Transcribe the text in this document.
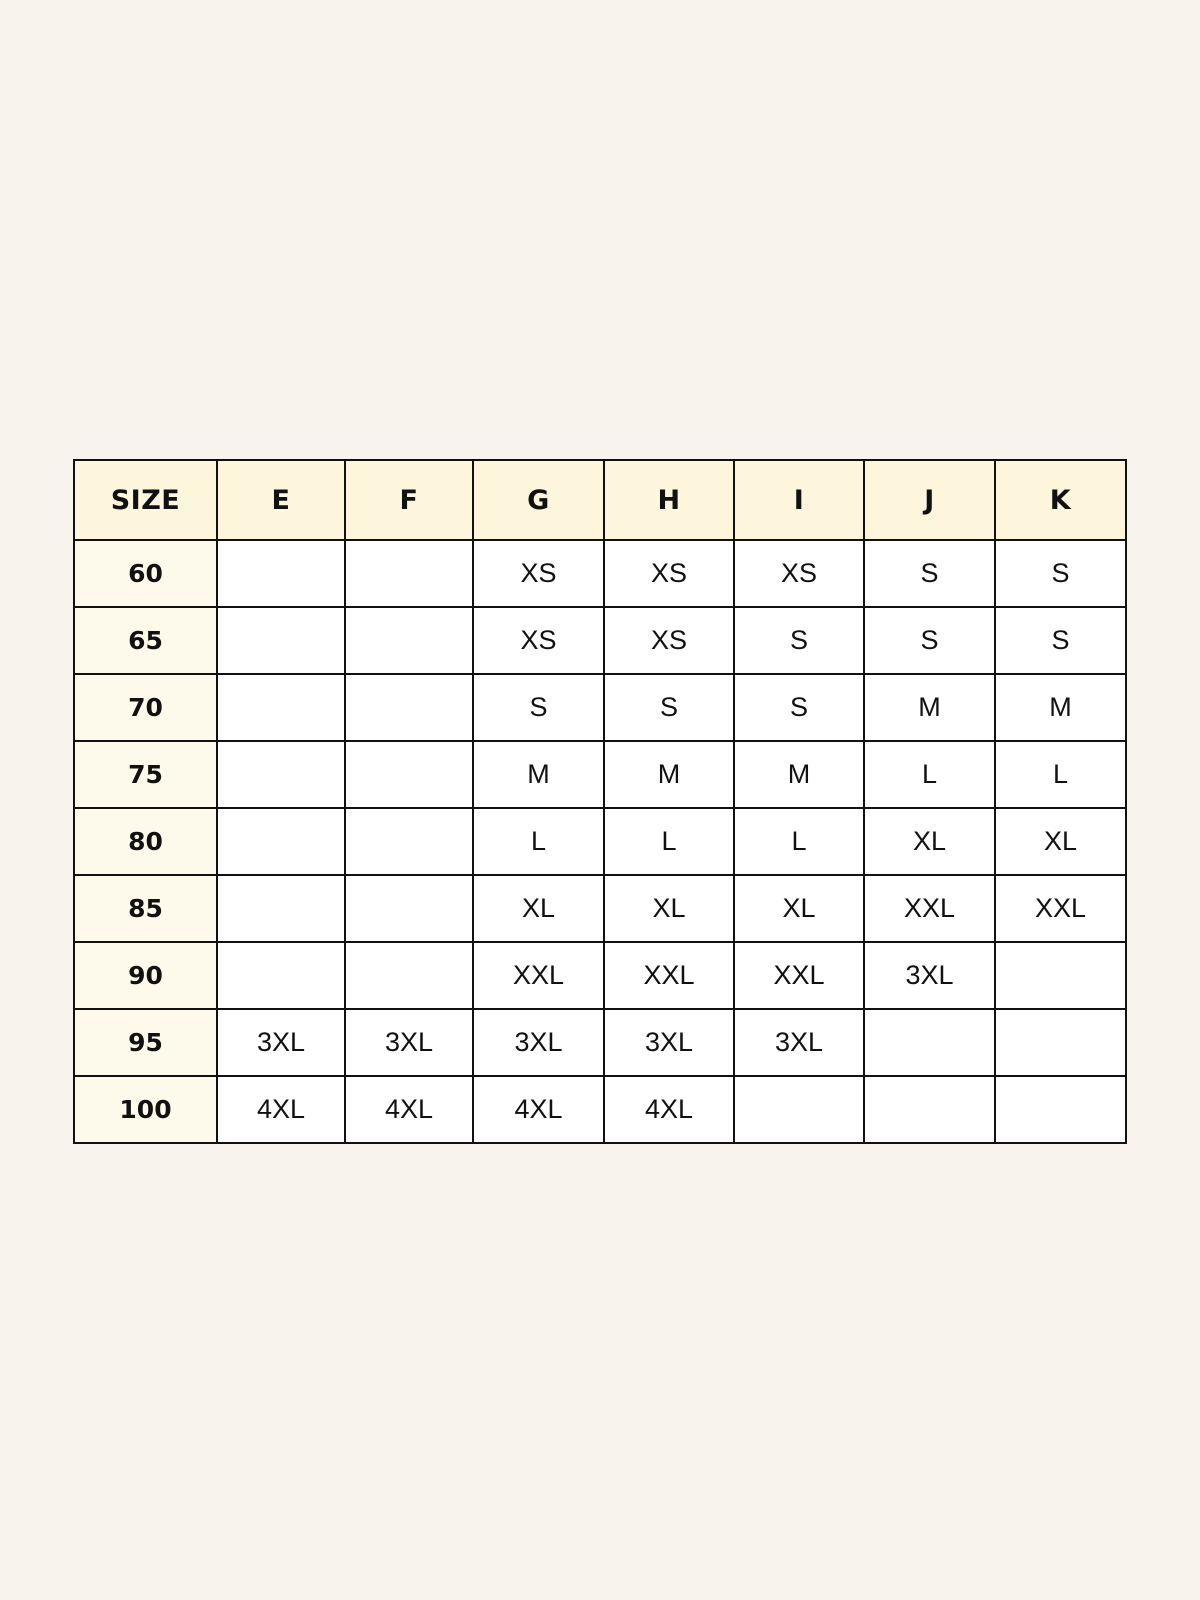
SIZE	E	F	G	H	I	J	K
60			XS	XS	XS	S	S
65			XS	XS	S	S	S
70			S	S	S	M	M
75			M	M	M	L	L
80			L	L	L	XL	XL
85			XL	XL	XL	XXL	XXL
90			XXL	XXL	XXL	3XL	
95	3XL	3XL	3XL	3XL	3XL		
100	4XL	4XL	4XL	4XL			
